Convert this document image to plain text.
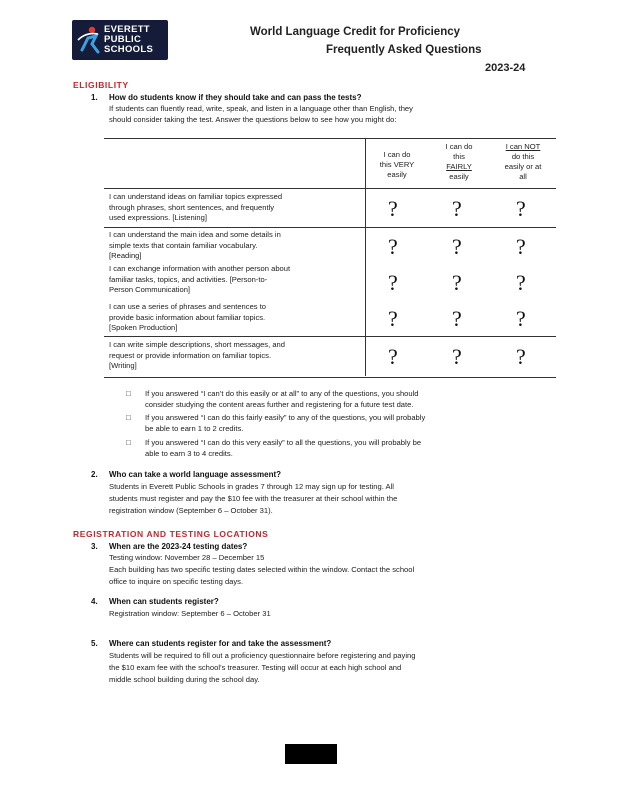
EVERETT
PUBLIC
SCHOOLS
World Language Credit for Proficiency
Frequently Asked Questions
2023-24
ELIGIBILITY
1. How do students know if they should take and can pass the tests?
If students can fluently read, write, speak, and listen in a language other than English, they
should consider taking the test. Answer the questions below to see how you might do:
I can do
this VERY
easily
I can do
this
FAIRLY
easily
I can NOT
do this
easily or at
all
I can understand ideas on familiar topics expressed
through phrases, short sentences, and frequently
used expressions. [Listening]	? ? ?
I can understand the main idea and some details in
simple texts that contain familiar vocabulary.
[Reading]	? ? ?
I can exchange information with another person about
familiar tasks, topics, and activities. [Person-to-
Person Communication]	? ? ?
I can use a series of phrases and sentences to
provide basic information about familiar topics.
[Spoken Production]	? ? ?
I can write simple descriptions, short messages, and
request or provide information on familiar topics.
[Writing]	? ? ?
□ If you answered “I can’t do this easily or at all” to any of the questions, you should
consider studying the content areas further and registering for a future test date.
□ If you answered “I can do this fairly easily” to any of the questions, you will probably
be able to earn 1 to 2 credits.
□ If you answered “I can do this very easily” to all the questions, you will probably be
able to earn 3 to 4 credits.
2. Who can take a world language assessment?
Students in Everett Public Schools in grades 7 through 12 may sign up for testing. All
students must register and pay the $10 fee with the treasurer at their school within the
registration window (September 6 – October 31).
REGISTRATION AND TESTING LOCATIONS
3. When are the 2023-24 testing dates?
Testing window: November 28 – December 15
Each building has two specific testing dates selected within the window. Contact the school
office to inquire on specific testing days.
4. When can students register?
Registration window: September 6 – October 31
5. Where can students register for and take the assessment?
Students will be required to fill out a proficiency questionnaire before registering and paying
the $10 exam fee with the school’s treasurer. Testing will occur at each high school and
middle school building during the school day.
